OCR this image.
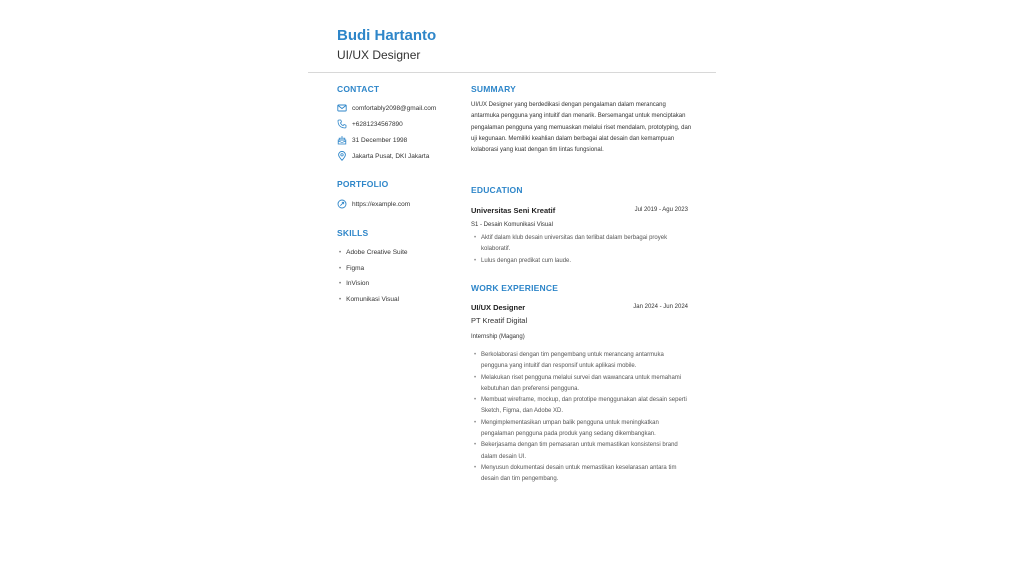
Budi Hartanto
UI/UX Designer
CONTACT
comfortably2098@gmail.com
+6281234567890
31 December 1998
Jakarta Pusat, DKI Jakarta
PORTFOLIO
https://example.com
SKILLS
• Adobe Creative Suite
• Figma
• InVision
• Komunikasi Visual
SUMMARY
UI/UX Designer yang berdedikasi dengan pengalaman dalam merancang antarmuka pengguna yang intuitif dan menarik. Bersemangat untuk menciptakan pengalaman pengguna yang memuaskan melalui riset mendalam, prototyping, dan uji kegunaan. Memiliki keahlian dalam berbagai alat desain dan kemampuan kolaborasi yang kuat dengan tim lintas fungsional.
EDUCATION
Universitas Seni Kreatif	Jul 2019 - Agu 2023
S1 - Desain Komunikasi Visual
• Aktif dalam klub desain universitas dan terlibat dalam berbagai proyek kolaboratif.
• Lulus dengan predikat cum laude.
WORK EXPERIENCE
UI/UX Designer	Jan 2024 - Jun 2024
PT Kreatif Digital
Internship (Magang)
• Berkolaborasi dengan tim pengembang untuk merancang antarmuka pengguna yang intuitif dan responsif untuk aplikasi mobile.
• Melakukan riset pengguna melalui survei dan wawancara untuk memahami kebutuhan dan preferensi pengguna.
• Membuat wireframe, mockup, dan prototipe menggunakan alat desain seperti Sketch, Figma, dan Adobe XD.
• Mengimplementasikan umpan balik pengguna untuk meningkatkan pengalaman pengguna pada produk yang sedang dikembangkan.
• Bekerjasama dengan tim pemasaran untuk memastikan konsistensi brand dalam desain UI.
• Menyusun dokumentasi desain untuk memastikan keselarasan antara tim desain dan tim pengembang.
